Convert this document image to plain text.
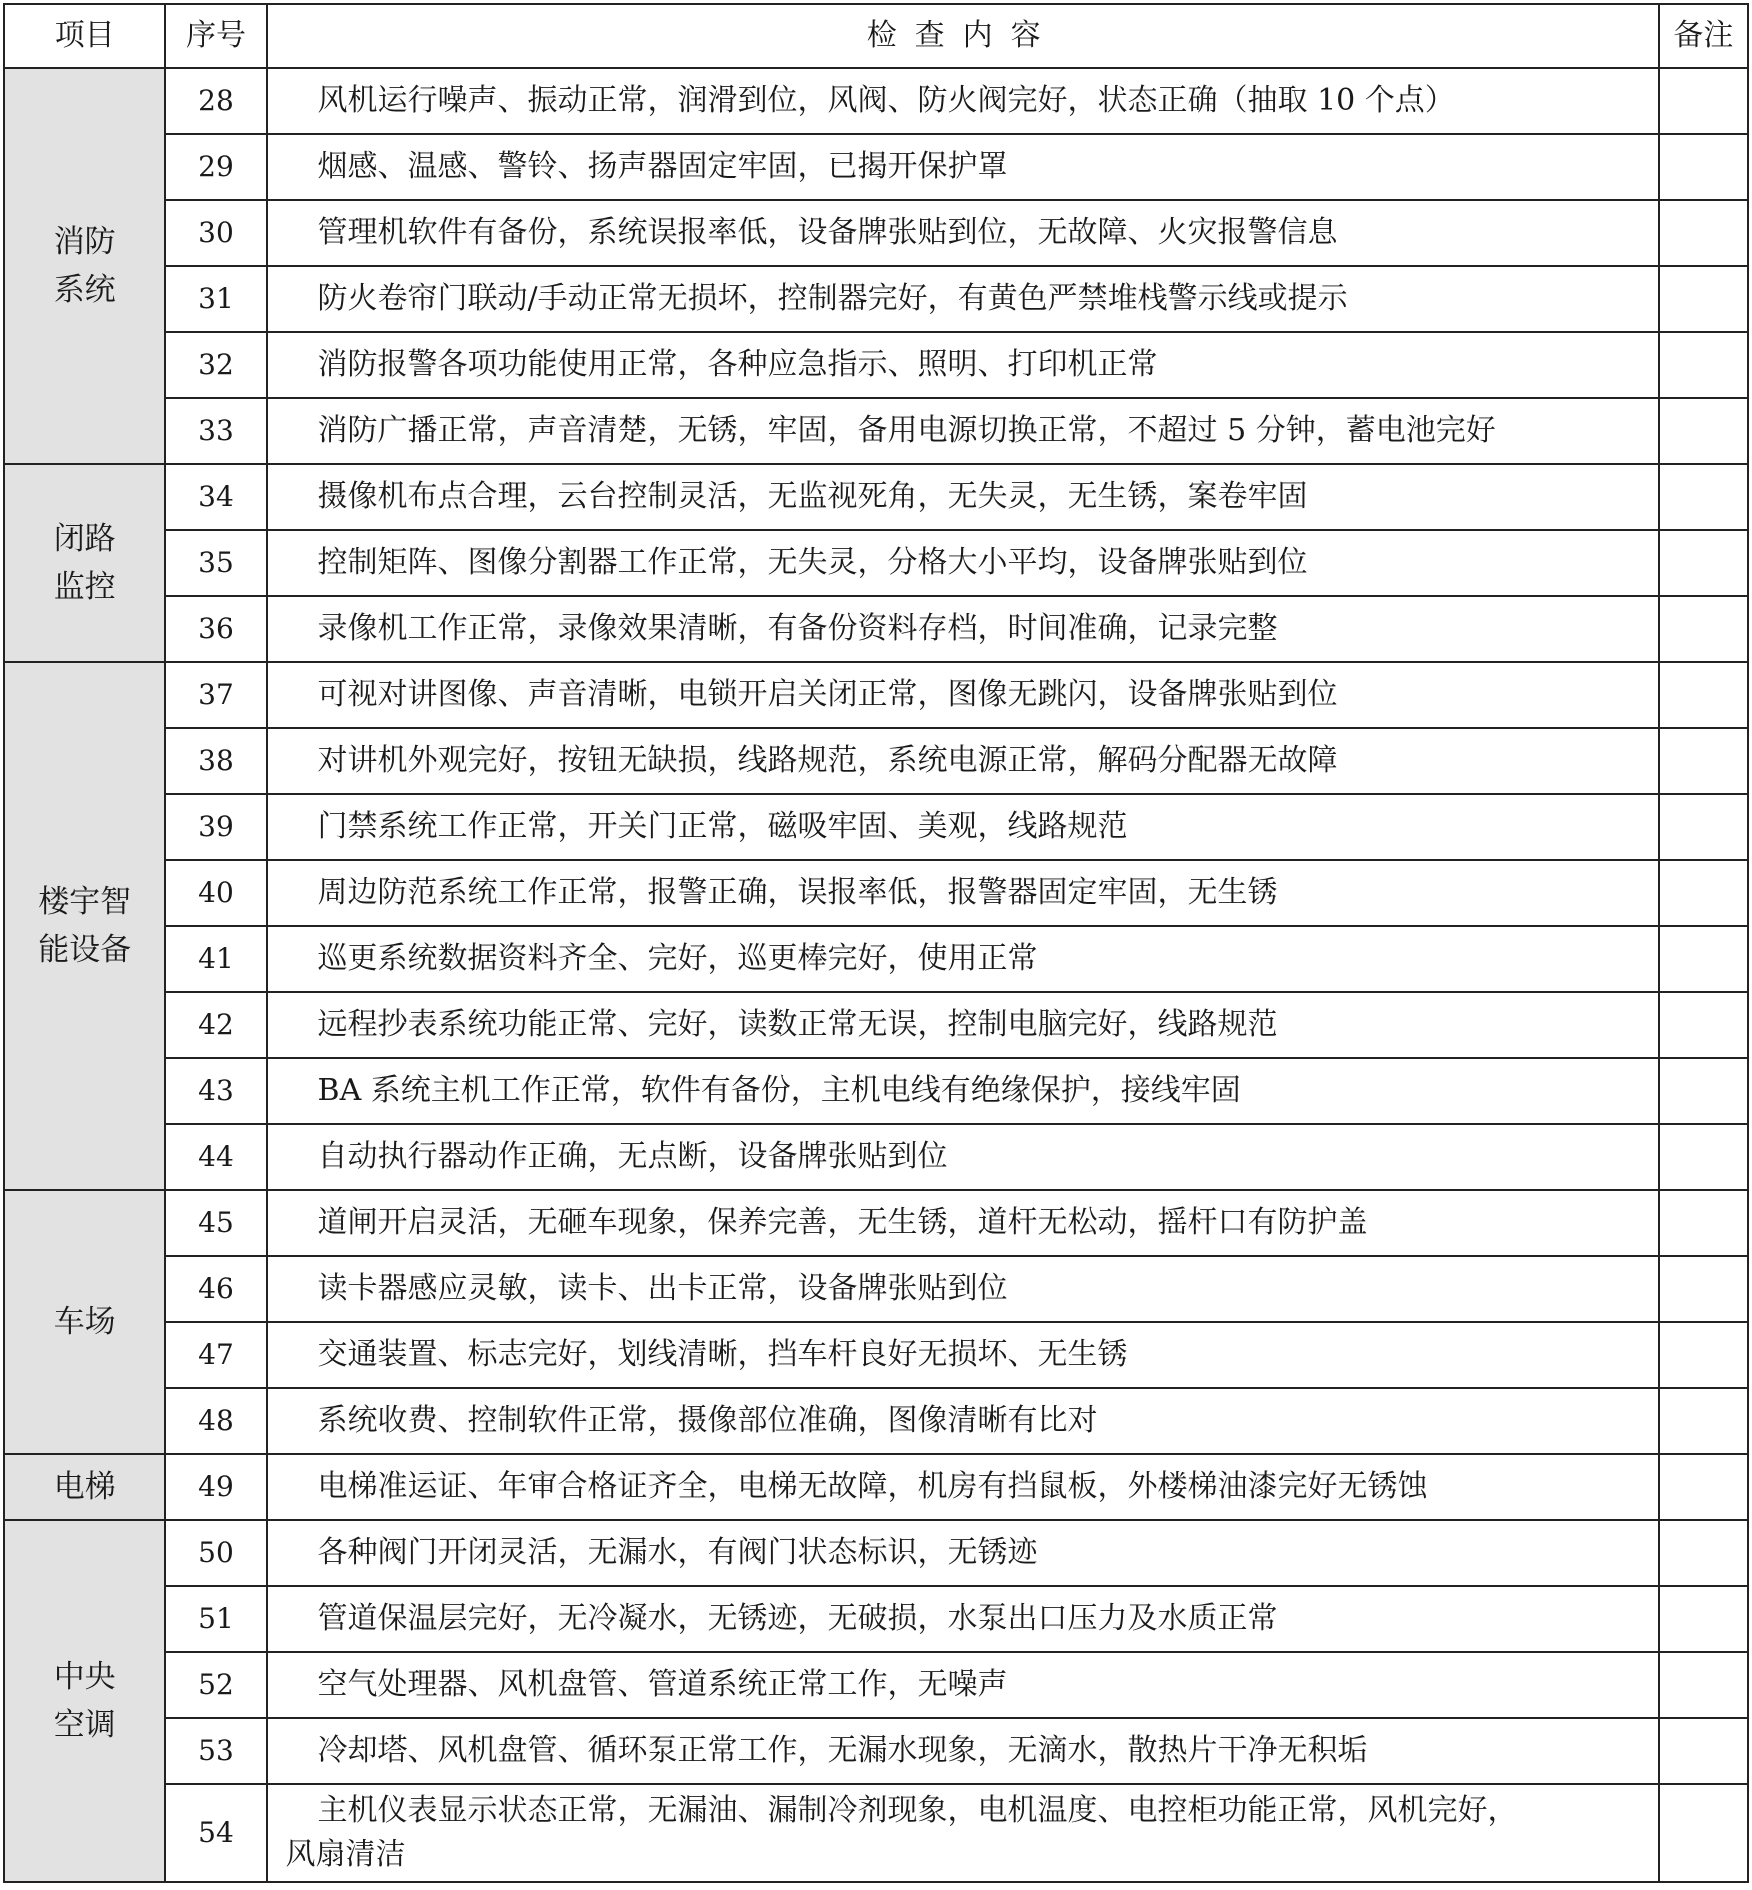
项目	序号	检查内容	备注
消防
系统	28	风机运行噪声、振动正常，润滑到位，风阀、防火阀完好，状态正确（抽取 10 个点）	
	29	烟感、温感、警铃、扬声器固定牢固，已揭开保护罩	
	30	管理机软件有备份，系统误报率低，设备牌张贴到位，无故障、火灾报警信息	
	31	防火卷帘门联动/手动正常无损坏，控制器完好，有黄色严禁堆栈警示线或提示	
	32	消防报警各项功能使用正常，各种应急指示、照明、打印机正常	
	33	消防广播正常，声音清楚，无锈，牢固，备用电源切换正常，不超过 5 分钟，蓄电池完好	
闭路
监控	34	摄像机布点合理，云台控制灵活，无监视死角，无失灵，无生锈，案卷牢固	
	35	控制矩阵、图像分割器工作正常，无失灵，分格大小平均，设备牌张贴到位	
	36	录像机工作正常，录像效果清晰，有备份资料存档，时间准确，记录完整	
楼宇智
能设备	37	可视对讲图像、声音清晰，电锁开启关闭正常，图像无跳闪，设备牌张贴到位	
	38	对讲机外观完好，按钮无缺损，线路规范，系统电源正常，解码分配器无故障	
	39	门禁系统工作正常，开关门正常，磁吸牢固、美观，线路规范	
	40	周边防范系统工作正常，报警正确，误报率低，报警器固定牢固，无生锈	
	41	巡更系统数据资料齐全、完好，巡更棒完好，使用正常	
	42	远程抄表系统功能正常、完好，读数正常无误，控制电脑完好，线路规范	
	43	BA 系统主机工作正常，软件有备份，主机电线有绝缘保护，接线牢固	
	44	自动执行器动作正确，无点断，设备牌张贴到位	
车场	45	道闸开启灵活，无砸车现象，保养完善，无生锈，道杆无松动，摇杆口有防护盖	
	46	读卡器感应灵敏，读卡、出卡正常，设备牌张贴到位	
	47	交通装置、标志完好，划线清晰，挡车杆良好无损坏、无生锈	
	48	系统收费、控制软件正常，摄像部位准确，图像清晰有比对	
电梯	49	电梯准运证、年审合格证齐全，电梯无故障，机房有挡鼠板，外楼梯油漆完好无锈蚀	
中央
空调	50	各种阀门开闭灵活，无漏水，有阀门状态标识，无锈迹	
	51	管道保温层完好，无冷凝水，无锈迹，无破损，水泵出口压力及水质正常	
	52	空气处理器、风机盘管、管道系统正常工作，无噪声	
	53	冷却塔、风机盘管、循环泵正常工作，无漏水现象，无滴水，散热片干净无积垢	
	54	主机仪表显示状态正常，无漏油、漏制冷剂现象，电机温度、电控柜功能正常，风机完好，
风扇清洁	
